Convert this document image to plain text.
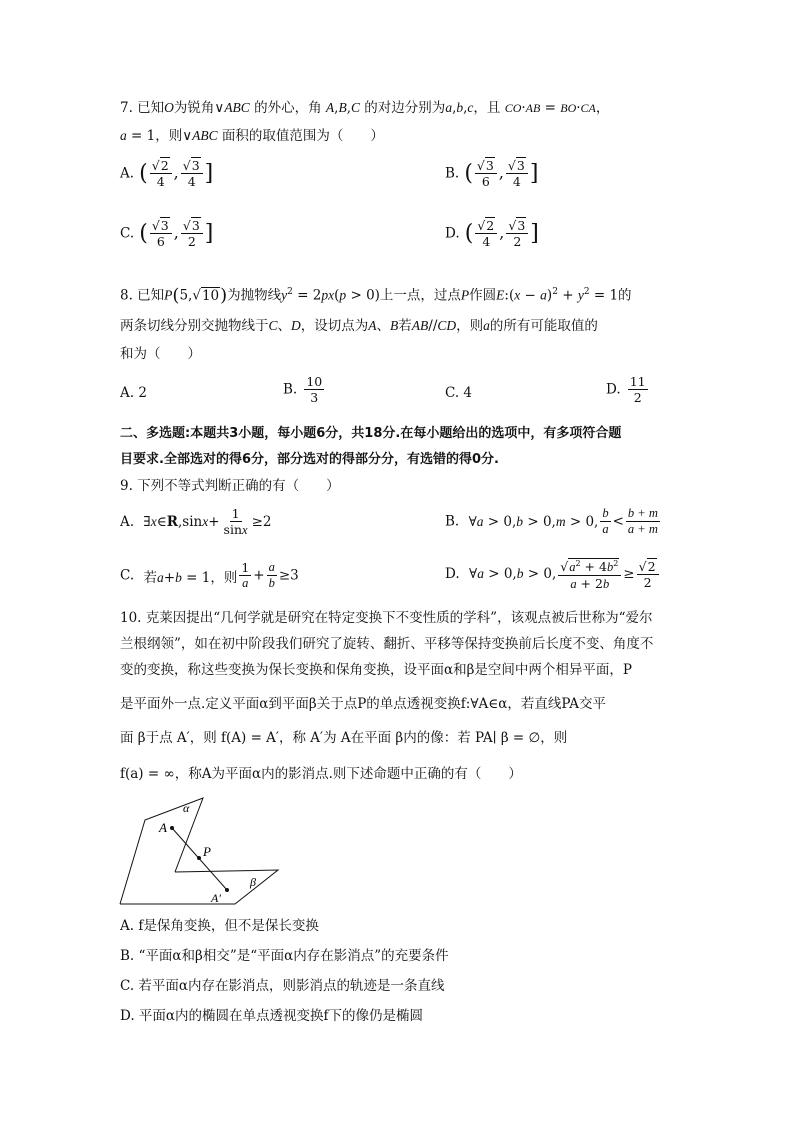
7. 已知O为锐角∨ABC 的外心，角 A,B,C 的对边分别为a,b,c，且 CO·AB = BO·CA，
a = 1，则∨ABC 面积的取值范围为（　　）
A. ( $\frac{√2}{4}$ , $\frac{√3}{4}$ ]	B. ( $\frac{√3}{6}$ , $\frac{√3}{4}$ ]
C. ( $\frac{√3}{6}$ , $\frac{√3}{2}$ ]	D. ( $\frac{√2}{4}$ , $\frac{√3}{2}$ ]
8. 已知P(5,√10)为抛物线$y^2 = 2px(p > 0)$上一点，过点P作圆E:(x − $a)^2 + y^2 = 1$的
两条切线分别交抛物线于C、D，设切点为A、B若AB//CD，则a的所有可能取值的
和为（　　）
A. 2	B. $\frac{10}{3}$	C. 4	D. $\frac{11}{2}$
二、多选题:本题共3小题，每小题6分，共18分.在每小题给出的选项中，有多项符合题
目要求.全部选对的得6分，部分选对的得部分分，有选错的得0分.
9. 下列不等式判断正确的有（　　）
A.  ∃x∈R,sinx+ $\frac{1}{\sin x} \ge 2$	B.  ∀a > 0,b > 0,m > 0, $\frac{b}{a} < \frac{b + m}{a + m}$
C.  若a+b = 1，则 $\frac{1}{a} + \frac{a}{b} \ge 3$	D.  ∀a > 0,b > 0, $\frac{√a^2 + 4b^2}{a + 2b} \ge \frac{√2}{2}$
10. 克莱因提出“几何学就是研究在特定变换下不变性质的学科”，该观点被后世称为“爱尔
兰根纲领”，如在初中阶段我们研究了旋转、翻折、平移等保持变换前后长度不变、角度不
变的变换，称这些变换为保长变换和保角变换，设平面α和β是空间中两个相异平面，P
是平面外一点.定义平面α到平面β关于点P的单点透视变换f:∀A∈α，若直线PA交平
面 β于点 A′，则 f(A) = A′，称 A′为 A在平面 β内的像：若 PA∣ β = ∅，则
f(a) = ∞，称A为平面α内的影消点.则下述命题中正确的有（　　）
α
A
P
β
A′
A. f是保角变换，但不是保长变换
B. “平面α和β相交”是“平面α内存在影消点”的充要条件
C. 若平面α内存在影消点，则影消点的轨迹是一条直线
D. 平面α内的椭圆在单点透视变换f下的像仍是椭圆
